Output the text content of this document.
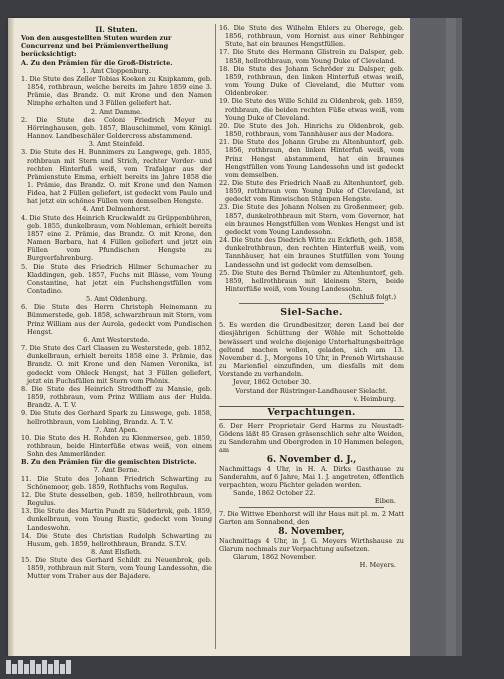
II. Stuten.

Von den ausgestellten Stuten wurden zur Concurrenz und bei Prämienvertheilung berücksichtigt:

A. Zu den Prämien für die Groß-Districte.

1. Amt Cloppenburg.

1. Die Stute des Zeller Tobias Koeken zu Knipkamm, geb. 1854, rothbraun, welche bereits im Jahre 1859 eine 3. Prämie, das Brandz. O. mit Krone und den Namen Nimphe erhalten und 3 Füllen geliefert hat.

2. Amt Damme.

2. Die Stute des Coloni Friedrich Meyer zu Hörringhausen, geb. 1857, Blauschimmel, vom Königl. Hannov. Landbeschäler Goldercross abstammend.

3. Amt Steinfeld.

3. Die Stute des H. Bunnimers zu Langwege, geb. 1855, rothbraun mit Stern und Strich, rechter Vorder- und rechten Hinterfuß weiß, vom Trafalgar aus der Prämienstute Emma, erhielt bereits im Jahre 1858 die 1. Prämie, das Brandz. O. mit Krone und den Namen Fidea, hat 2 Füllen geliefert, ist gedeckt vom Paulo und hat jetzt ein schönes Füllen vom demselben Hengste.

4. Amt Delmenhorst.

4. Die Stute des Heinrich Kruckwaldt zu Grüppenbühren, geb. 1855, dunkelbraun, vom Nobleman, erhielt bereits 1857 eine 2. Prämie, das Brandz. O. mit Krone, den Namen Barbara, hat 4 Füllen geliefert und jetzt ein Füllen vom Pfundischen Hengste zu Burgverfahrenburg.

5. Die Stute des Friedrich Hilmer Schumacher zu Kladdingen, geb. 1857, Fuchs mit Blässe, vom Young Constantine, hat jetzt ein Fuchshengstfüllen vom Contadino.

5. Amt Oldenburg.

6. Die Stute des Herrn Christoph Heinemann zu Bümmerstede, geb. 1858, schwarzbraun mit Stern, vom Prinz William aus der Aurola, gedeckt vom Pundischen Hengst.

6. Amt Westerstede.

7. Die Stute des Carl Claasen zu Westerstede, geb. 1852, dunkelbraun, erhielt bereits 1858 eine 3. Prämie, das Brandz. O. mit Krone und den Namen Veronika, ist gedeckt vom Ohleck Hengst, hat 3 Füllen geliefert, jetzt ein Fuchsfüllen mit Stern vom Phönix.

8. Die Stute des Heinrich Strodthoff zu Mansie, geb. 1859, rothbraun, vom Prinz William aus der Hulda. Brandz. A. T. V.

9. Die Stute des Gerhard Spark zu Linswege, geb. 1858, hellrothbraun, vom Liebling, Brandz. A. T. V.

7. Amt Apen.

10. Die Stute des H. Rohden zu Klenmersee, geb. 1859, rothbraun, beide Hinterfüße etwas weiß, von einem Sohn des Ammerländer.

B. Zu den Prämien für die gemischten Districte.

7. Amt Berne.

11. Die Stute des Johann Friedrich Schwarting zu Schönemoor, geb. 1859, Rothfuchs vom Regulus.

12. Die Stute desselben, geb. 1859, hellrothbraun, vom Regulus.

13. Die Stute des Martin Pundt zu Süderbrok, geb. 1859, dunkelbraun, vom Young Rustic, gedeckt vom Young Landeswohn.

14. Die Stute des Christian Rudolph Schwarting zu Husum, geb. 1859, hellrothbraun, Brandz. S.T.V.

8. Amt Elsfleth.

15. Die Stute des Gerhard Schildt zu Neuenbrok, geb. 1859, rothbraun mit Stern, vom Young Landessohn, die Mutter vom Traber aus der Bajadere.

16. Die Stute des Wilhelm Ehlers zu Oberege, geb. 1856, rothbraun, vom Hornist aus einer Rehbinger Stute, hat ein braunes Hengstfüllen.

17. Die Stute des Hermann Glistrein zu Dalsper, geb. 1858, hellrothbraun, vom Young Duke of Cleveland.

18. Die Stute des Johann Schröder zu Dalsper, geb. 1859, rothbraun, den linken Hinterfuß etwas weiß, vom Young Duke of Cleveland, die Mutter vom Oldenbroker.

19. Die Stute des Wille Schild zu Oldenbrok, geb. 1859, rothbraun, die beiden rechten Füße etwas weiß, vom Young Duke of Cleveland.

20. Die Stute des Joh. Hinrichs zu Oldenbrok, geb. 1850, rothbraun, vom Tannhäuser aus der Madora.

21. Die Stute des Johann Grube zu Altenhuntorf, geb. 1856, rothbraun, den linken Hinterfuß weiß, vom Prinz Hengst abstammend, hat ein braunes Hengstfüllen vom Young Landessohn und ist gedeckt vom demselben.

22. Die Stute des Friedrich Naaß zu Altenhuntorf, geb. 1859, rothbraun vom Young Duke of Cleveland, ist gedeckt vom Rimwischen Stämpen Hengste.

23. Die Stute des Johann Nolsen zu Großenmeer, geb. 1857, dunkelrothbraun mit Stern, vom Governor, hat ein braunes Hengstfüllen vom Wenkes Hengst und ist gedeckt vom Young Landessohn.

24. Die Stute des Diedrich Witte zu Eckfleth, geb. 1858, dunkelrothbraun, den rechten Hinterfuß weiß, vom Tannhäuser, hat ein braunes Stutfüllen vom Young Landessohn und ist gedeckt vom demselben.

25. Die Stute des Bernd Thümler zu Altenhuntorf, geb. 1859, hellrothbraun mit kleinem Stern, beide Hinterfüße weiß, vom Young Landessohn.

(Schluß folgt.)

Siel-Sache.

5. Es werden die Grundbesitzer, deren Land bei der diesjährigen Schüttung der Wöhle mit Schottelde bewässert und welche diejenige Unterhaltungsbeiträge geltend machen wollen, geladen, sich am 13. November d. J., Morgens 10 Uhr, in Preneb Wirtshause zu Marienfiel einzufinden, um diesfalls mit dem Vorstande zu verhandeln.

Jever, 1862 October 30.

Vorstand der Rüstringer-Landhauser Sielacht.

v. Heimburg.

Verpachtungen.

6. Der Herr Proprietair Gerd Harms zu Neustadt-Gödens läßt 85 Grasen gräsenschlich sehr alte Weiden, zu Sanderahm und Obergroden in 10 Hammen belegen, am

6. November d. J.,

Nachmittags 4 Uhr, in H. A. Dirks Gasthause zu Sanderahm, auf 6 Jahre, Mai 1. J. angetreten, öffentlich verpachten, wozu Pächter geladen werden.

Sande, 1862 October 22.

Eiben.

7. Die Wittwe Ebenhorst will ihr Haus mit pl. m. 2 Matt Garten am Sonnabend, den

8. November,

Nachmittags 4 Uhr, in J. G. Meyers Wirthshause zu Glarum nochmals zur Verpachtung aufsetzen.

Glarum, 1862 November.

H. Meyers.
